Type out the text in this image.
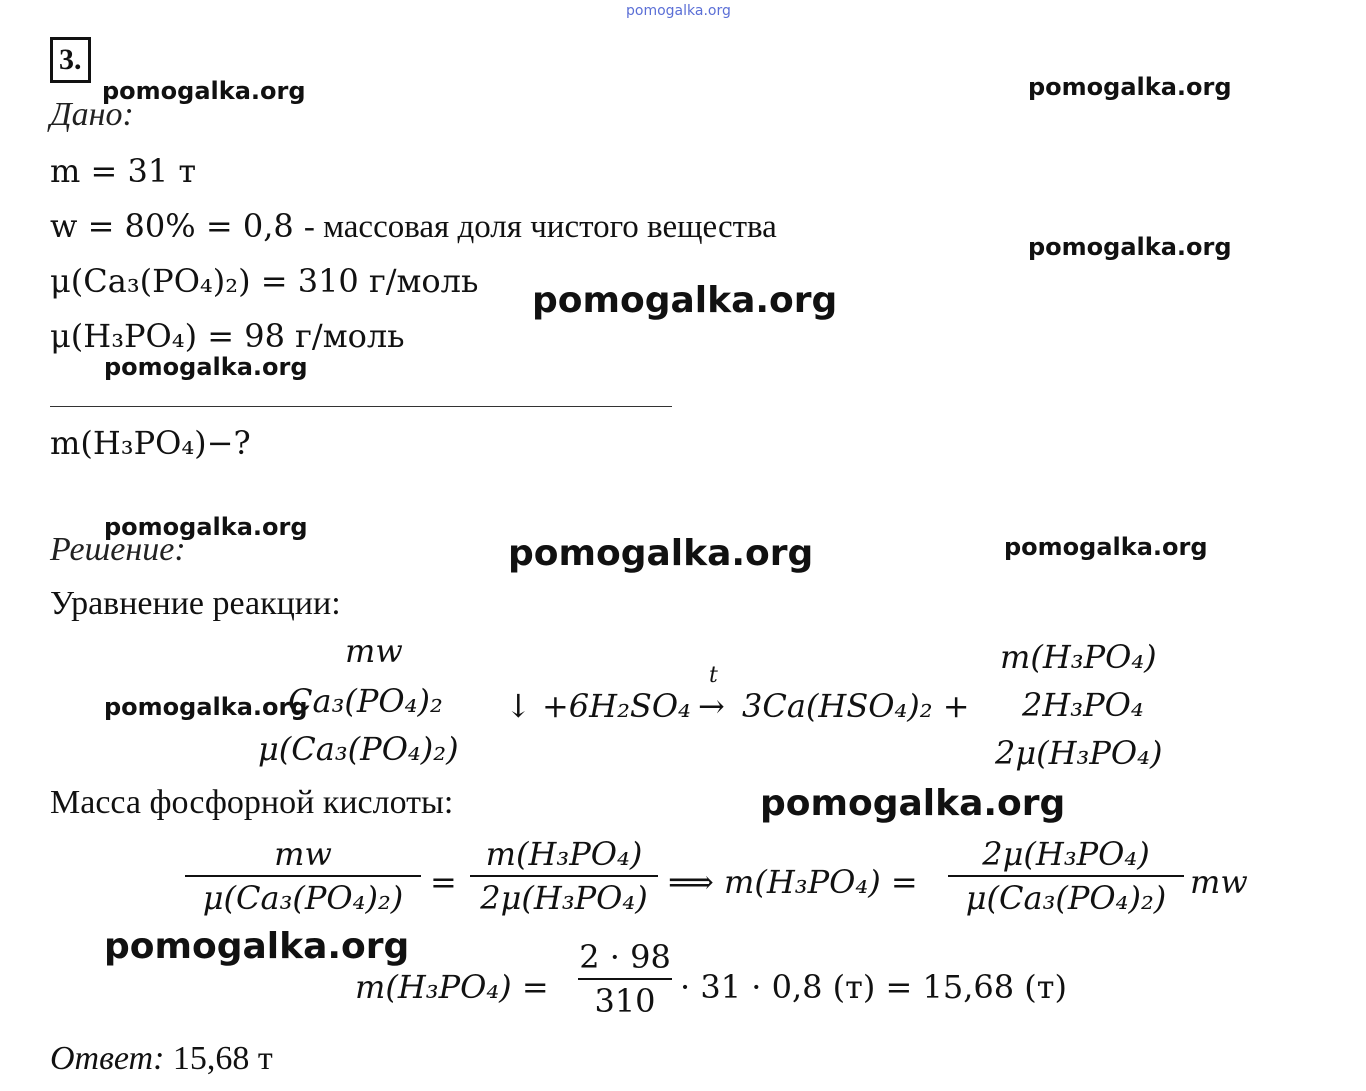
pomogalka.org
3.
Дано:
m = 31 т
w = 80% = 0,8 - массовая доля чистого вещества
μ(Ca₃(PO₄)₂) = 310 г/моль
μ(H₃PO₄) = 98 г/моль
m(H₃PO₄)−?
Решение:
Уравнение реакции:
mw
Ca₃(PO₄)₂
μ(Ca₃(PO₄)₂)
↓ +6H₂SO₄
t
→ 3Ca(HSO₄)₂ +
m(H₃PO₄)
2H₃PO₄
2μ(H₃PO₄)
Масса фосфорной кислоты:
mw
μ(Ca₃(PO₄)₂) =
m(H₃PO₄)
2μ(H₃PO₄) ⟹ m(H₃PO₄) =
2μ(H₃PO₄)
μ(Ca₃(PO₄)₂) mw
m(H₃PO₄) =
2 · 98
310 · 31 · 0,8 (т) = 15,68 (т)
Ответ: 15,68 т
pomogalka.org	pomogalka.org
pomogalka.org
pomogalka.org
pomogalka.org
pomogalka.org
pomogalka.org	pomogalka.org
pomogalka.org
pomogalka.org
pomogalka.org
